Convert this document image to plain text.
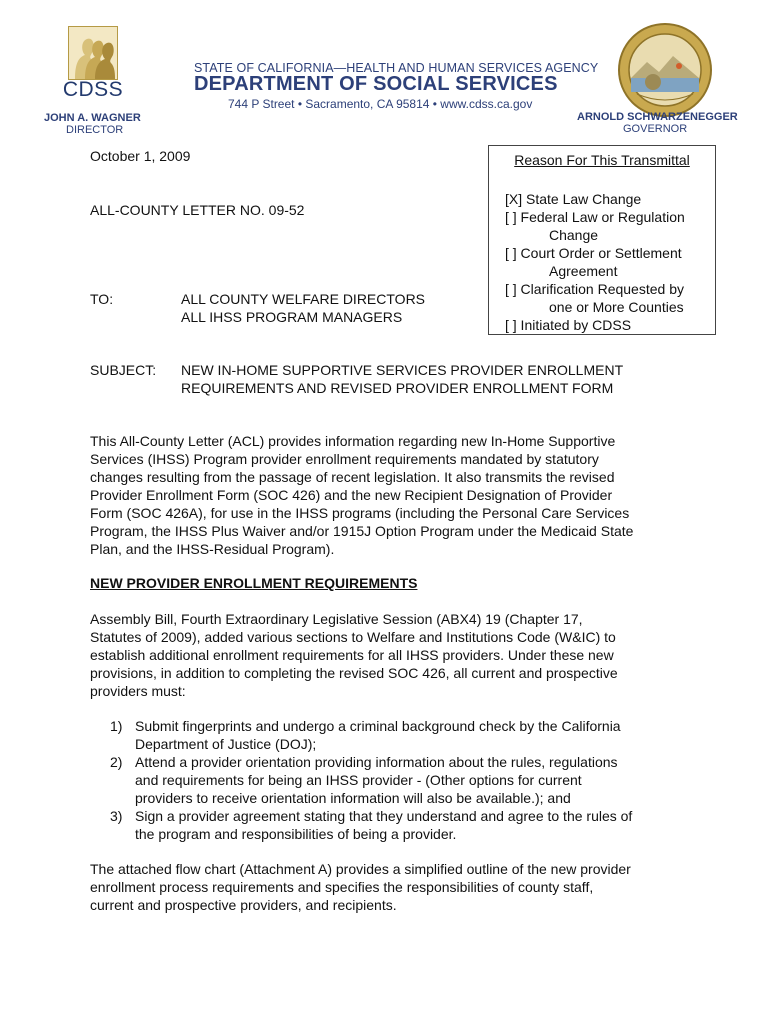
CDSS
STATE OF CALIFORNIA—HEALTH AND HUMAN SERVICES AGENCY
DEPARTMENT OF SOCIAL SERVICES
744 P Street • Sacramento, CA 95814 • www.cdss.ca.gov
JOHN A. WAGNER
DIRECTOR
ARNOLD SCHWARZENEGGER
GOVERNOR
October 1, 2009
ALL-COUNTY LETTER NO. 09-52
TO:	ALL COUNTY WELFARE DIRECTORS
ALL IHSS PROGRAM MANAGERS
Reason For This Transmittal
[X] State Law Change
[ ] Federal Law or Regulation
Change
[ ] Court Order or Settlement
Agreement
[ ] Clarification Requested by
one or More Counties
[ ] Initiated by CDSS
SUBJECT: NEW IN-HOME SUPPORTIVE SERVICES PROVIDER ENROLLMENT
REQUIREMENTS AND REVISED PROVIDER ENROLLMENT FORM
This All-County Letter (ACL) provides information regarding new In-Home Supportive
Services (IHSS) Program provider enrollment requirements mandated by statutory
changes resulting from the passage of recent legislation. It also transmits the revised
Provider Enrollment Form (SOC 426) and the new Recipient Designation of Provider
Form (SOC 426A), for use in the IHSS programs (including the Personal Care Services
Program, the IHSS Plus Waiver and/or 1915J Option Program under the Medicaid State
Plan, and the IHSS-Residual Program).
NEW PROVIDER ENROLLMENT REQUIREMENTS
Assembly Bill, Fourth Extraordinary Legislative Session (ABX4) 19 (Chapter 17,
Statutes of 2009), added various sections to Welfare and Institutions Code (W&IC) to
establish additional enrollment requirements for all IHSS providers. Under these new
provisions, in addition to completing the revised SOC 426, all current and prospective
providers must:
1) Submit fingerprints and undergo a criminal background check by the California
Department of Justice (DOJ);
2) Attend a provider orientation providing information about the rules, regulations
and requirements for being an IHSS provider - (Other options for current
providers to receive orientation information will also be available.); and
3) Sign a provider agreement stating that they understand and agree to the rules of
the program and responsibilities of being a provider.
The attached flow chart (Attachment A) provides a simplified outline of the new provider
enrollment process requirements and specifies the responsibilities of county staff,
current and prospective providers, and recipients.
